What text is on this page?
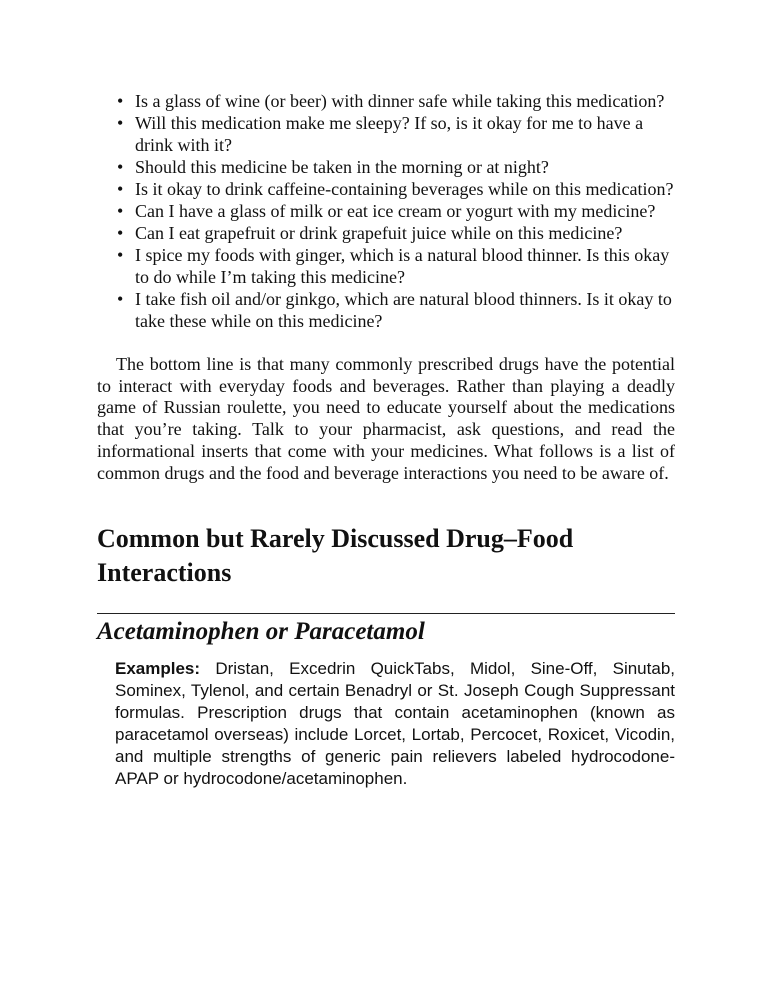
• Is a glass of wine (or beer) with dinner safe while taking this medication?
• Will this medication make me sleepy? If so, is it okay for me to have a drink with it?
• Should this medicine be taken in the morning or at night?
• Is it okay to drink caffeine-containing beverages while on this medication?
• Can I have a glass of milk or eat ice cream or yogurt with my medicine?
• Can I eat grapefruit or drink grapefuit juice while on this medicine?
• I spice my foods with ginger, which is a natural blood thinner. Is this okay to do while I’m taking this medicine?
• I take fish oil and/or ginkgo, which are natural blood thinners. Is it okay to take these while on this medicine?

The bottom line is that many commonly prescribed drugs have the potential to interact with everyday foods and beverages. Rather than playing a deadly game of Russian roulette, you need to educate yourself about the medications that you’re taking. Talk to your pharmacist, ask questions, and read the informational inserts that come with your medicines. What follows is a list of common drugs and the food and beverage interactions you need to be aware of.

Common but Rarely Discussed Drug–Food Interactions
Acetaminophen or Paracetamol

Examples: Dristan, Excedrin QuickTabs, Midol, Sine-Off, Sinutab, Sominex, Tylenol, and certain Benadryl or St. Joseph Cough Suppressant formulas. Prescription drugs that contain acetaminophen (known as paracetamol overseas) include Lorcet, Lortab, Percocet, Roxicet, Vicodin, and multiple strengths of generic pain relievers labeled hydrocodone-APAP or hydrocodone/acetaminophen.
